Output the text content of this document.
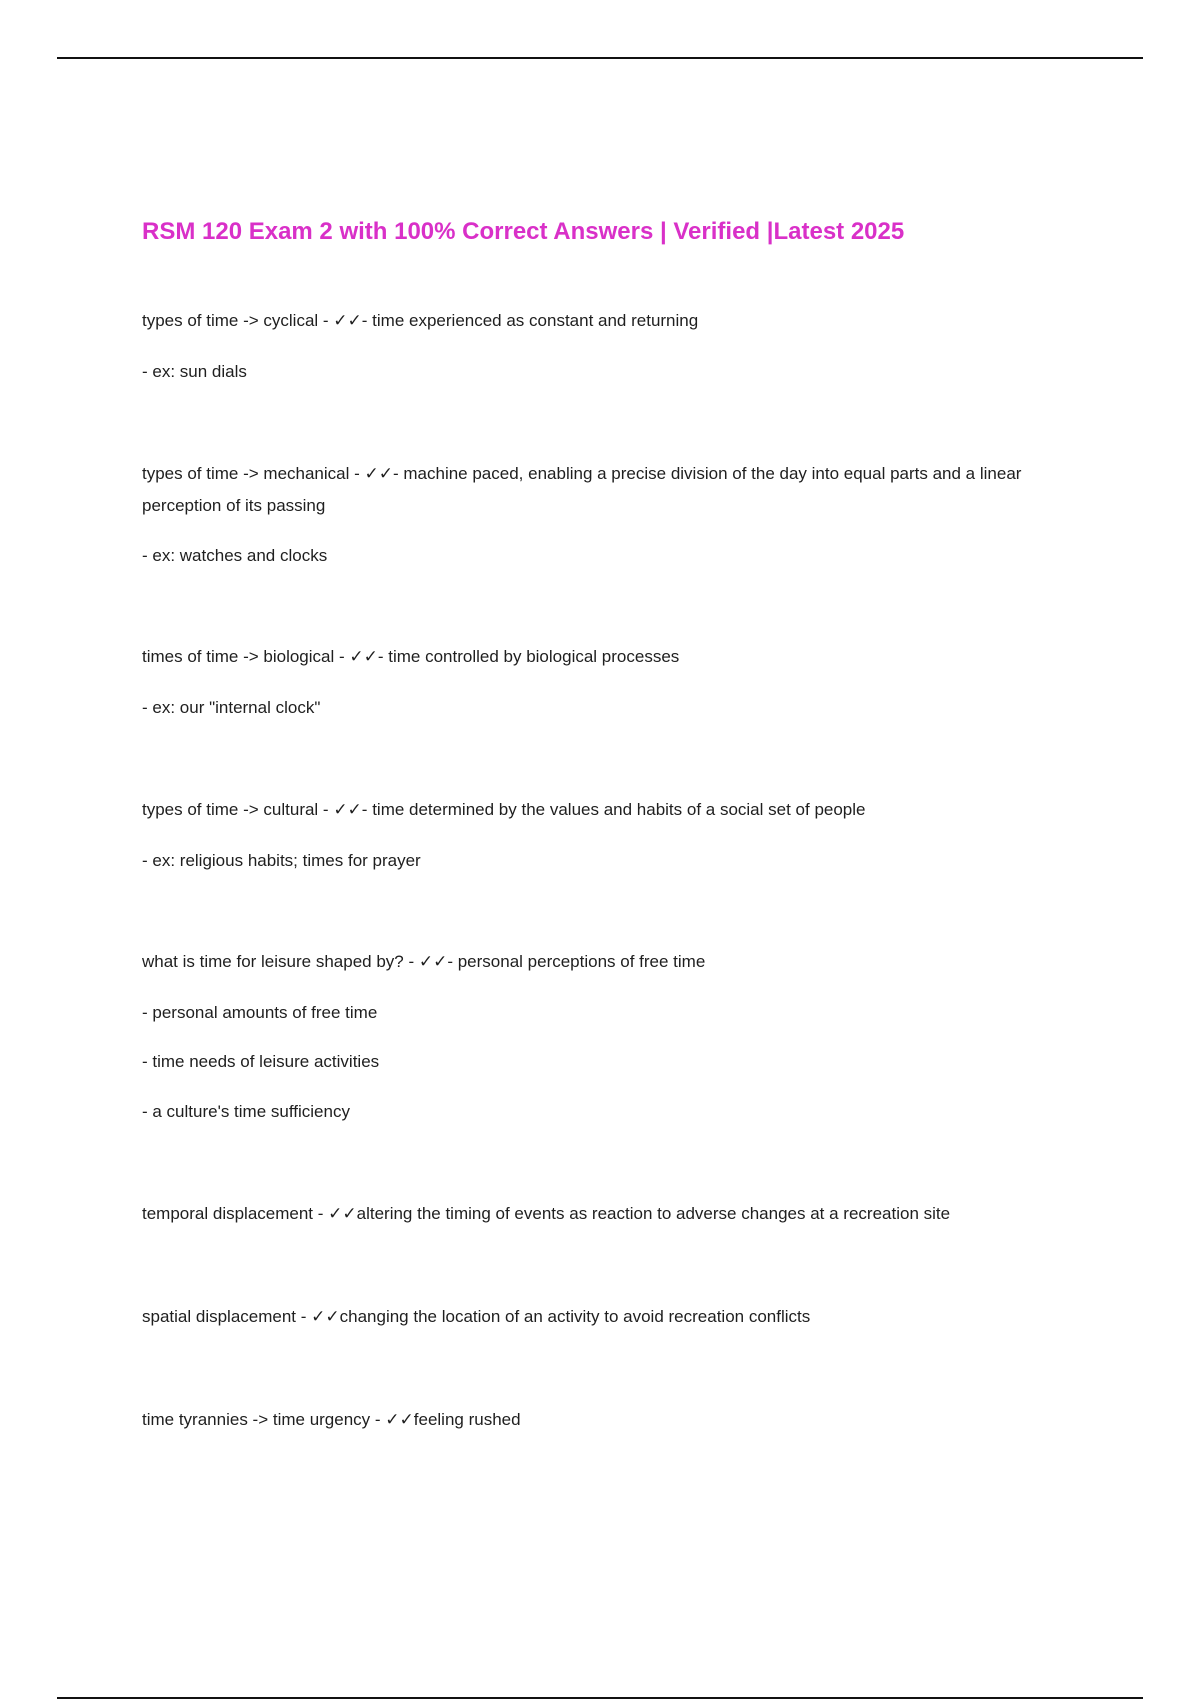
RSM 120 Exam 2 with 100% Correct Answers | Verified |Latest 2025

types of time -> cyclical - ✓✓- time experienced as constant and returning

- ex: sun dials

types of time -> mechanical - ✓✓- machine paced, enabling a precise division of the day into equal parts and a linear perception of its passing

- ex: watches and clocks

times of time -> biological - ✓✓- time controlled by biological processes

- ex: our "internal clock"

types of time -> cultural - ✓✓- time determined by the values and habits of a social set of people

- ex: religious habits; times for prayer

what is time for leisure shaped by? - ✓✓- personal perceptions of free time

- personal amounts of free time

- time needs of leisure activities

- a culture's time sufficiency

temporal displacement - ✓✓altering the timing of events as reaction to adverse changes at a recreation site

spatial displacement - ✓✓changing the location of an activity to avoid recreation conflicts

time tyrannies -> time urgency - ✓✓feeling rushed
